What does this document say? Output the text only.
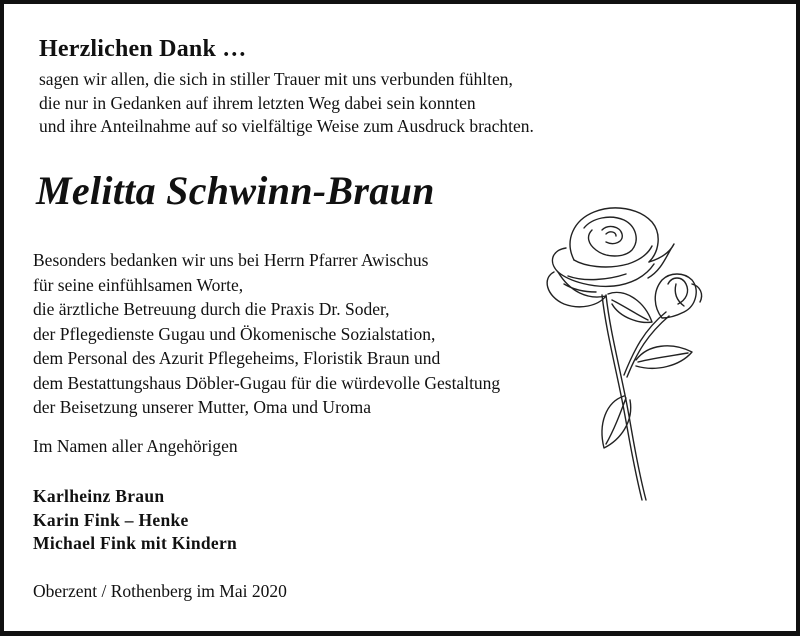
Herzlichen Dank …
sagen wir allen, die sich in stiller Trauer mit uns verbunden fühlten,
die nur in Gedanken auf ihrem letzten Weg dabei sein konnten
und ihre Anteilnahme auf so vielfältige Weise zum Ausdruck brachten.
Melitta Schwinn-Braun
Besonders bedanken wir uns bei Herrn Pfarrer Awischus
für seine einfühlsamen Worte,
die ärztliche Betreuung durch die Praxis Dr. Soder,
der Pflegedienste Gugau und Ökomenische Sozialstation,
dem Personal des Azurit Pflegeheims, Floristik Braun und
dem Bestattungshaus Döbler-Gugau für die würdevolle Gestaltung
der Beisetzung unserer Mutter, Oma und Uroma
Im Namen aller Angehörigen
Karlheinz Braun
Karin Fink – Henke
Michael Fink mit Kindern
Oberzent / Rothenberg im Mai 2020
